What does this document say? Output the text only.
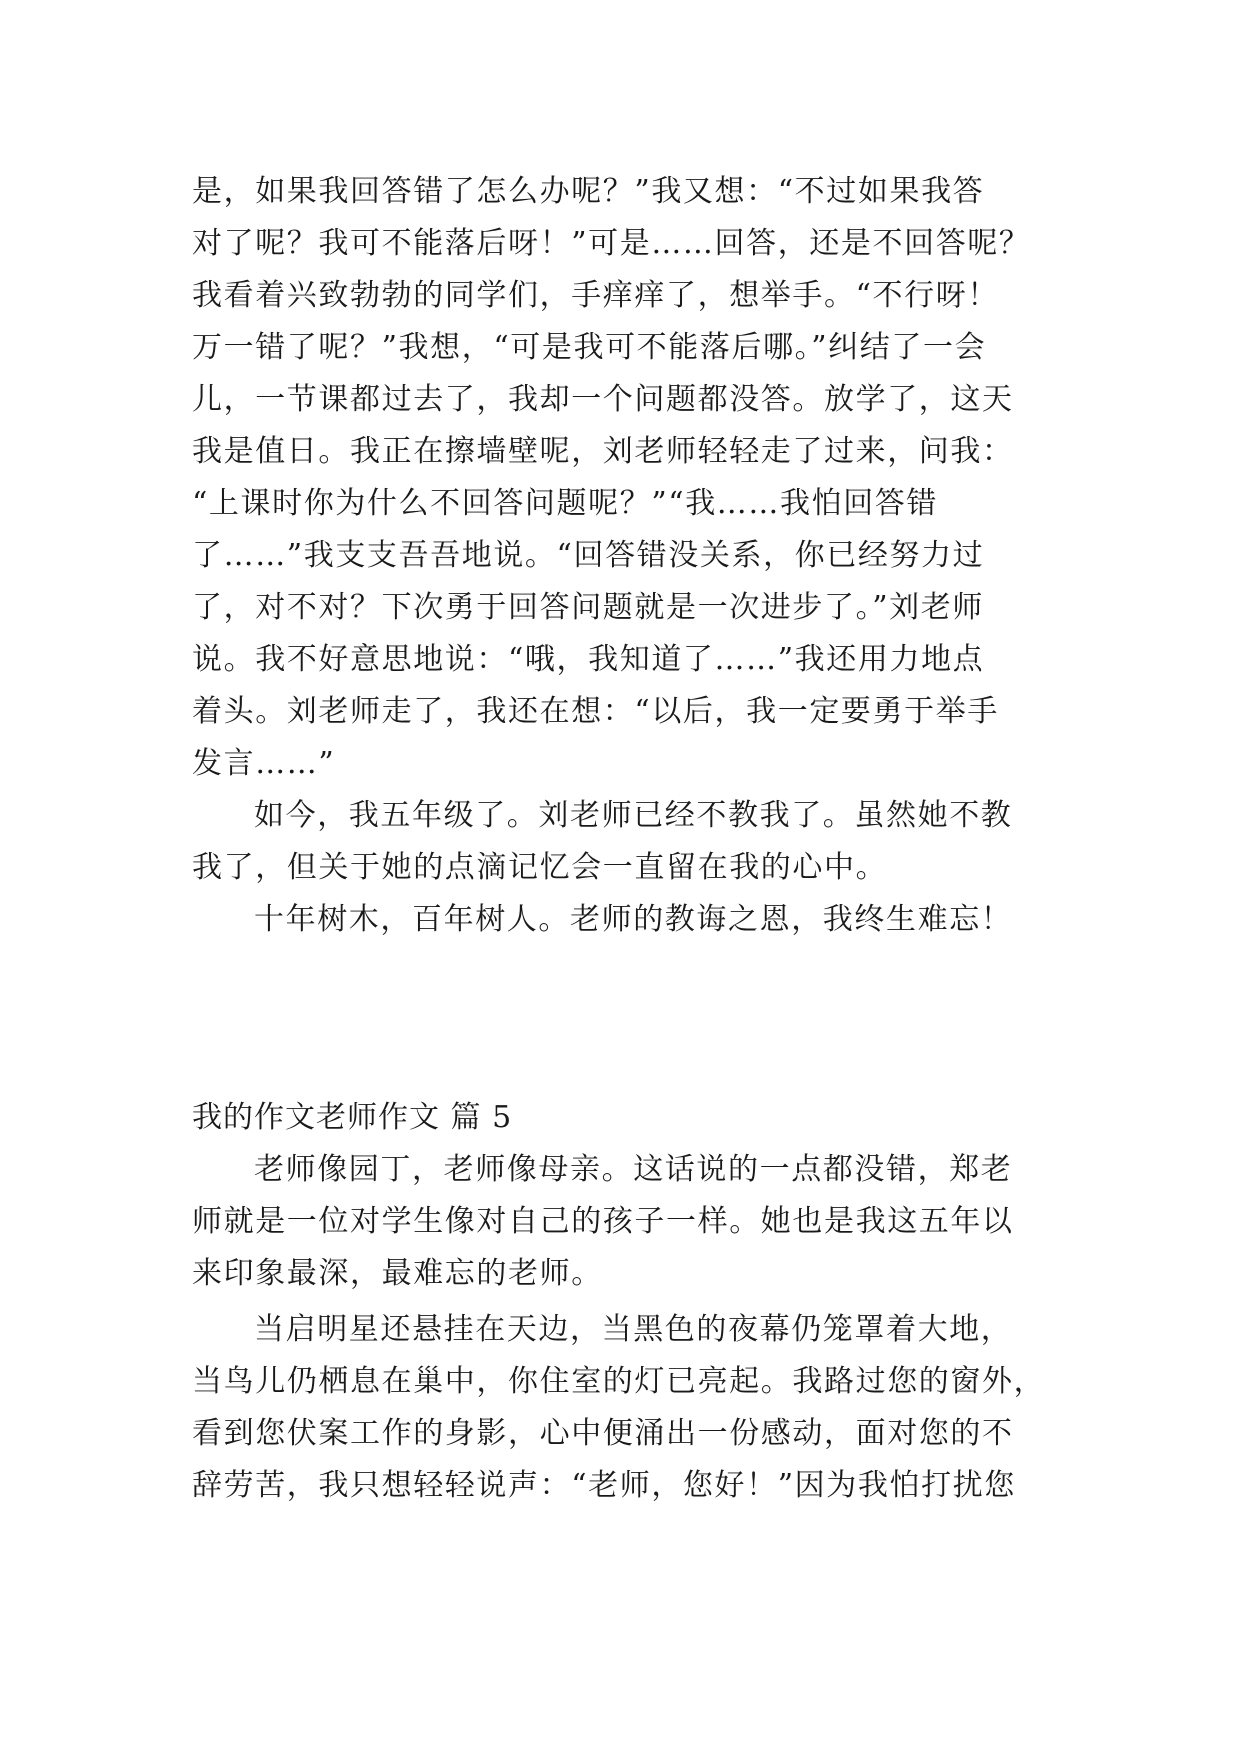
是，如果我回答错了怎么办呢？”我又想：“不过如果我答
对了呢？我可不能落后呀！”可是……回答，还是不回答呢？
我看着兴致勃勃的同学们，手痒痒了，想举手。“不行呀！
万一错了呢？”我想，“可是我可不能落后哪。”纠结了一会
儿，一节课都过去了，我却一个问题都没答。放学了，这天
我是值日。我正在擦墙壁呢，刘老师轻轻走了过来，问我：
“上课时你为什么不回答问题呢？”“我……我怕回答错
了……”我支支吾吾地说。“回答错没关系，你已经努力过
了，对不对？下次勇于回答问题就是一次进步了。”刘老师
说。我不好意思地说：“哦，我知道了……”我还用力地点
着头。刘老师走了，我还在想：“以后，我一定要勇于举手
发言……”
如今，我五年级了。刘老师已经不教我了。虽然她不教
我了，但关于她的点滴记忆会一直留在我的心中。
十年树木，百年树人。老师的教诲之恩，我终生难忘！
我的作文老师作文 篇 5
老师像园丁，老师像母亲。这话说的一点都没错，郑老
师就是一位对学生像对自己的孩子一样。她也是我这五年以
来印象最深，最难忘的老师。
当启明星还悬挂在天边，当黑色的夜幕仍笼罩着大地，
当鸟儿仍栖息在巢中，你住室的灯已亮起。我路过您的窗外，
看到您伏案工作的身影，心中便涌出一份感动，面对您的不
辞劳苦，我只想轻轻说声：“老师，您好！”因为我怕打扰您
